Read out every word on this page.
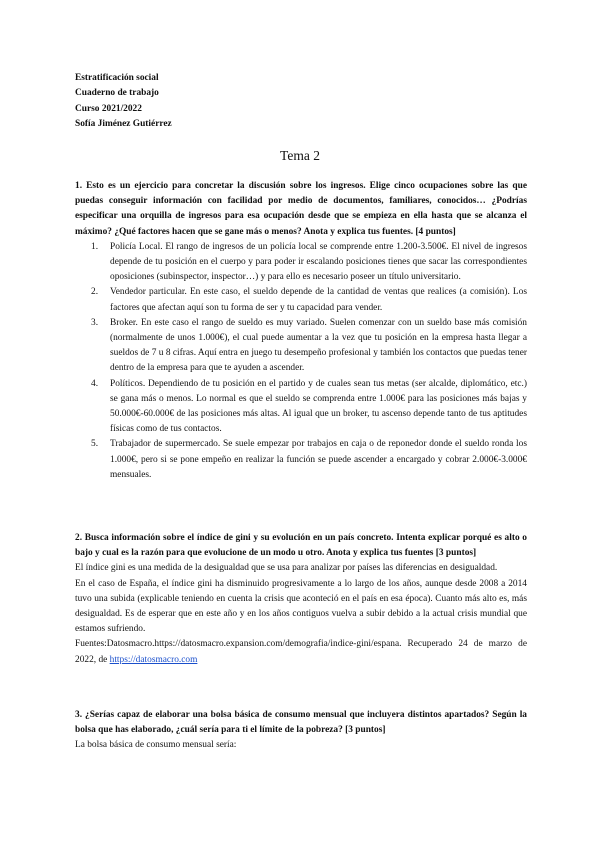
Estratificación social
Cuaderno de trabajo
Curso 2021/2022
Sofía Jiménez Gutiérrez
Tema 2

1. Esto es un ejercicio para concretar la discusión sobre los ingresos. Elige cinco ocupaciones sobre las que puedas conseguir información con facilidad por medio de documentos, familiares, conocidos… ¿Podrías especificar una orquilla de ingresos para esa ocupación desde que se empieza en ella hasta que se alcanza el máximo? ¿Qué factores hacen que se gane más o menos? Anota y explica tus fuentes. [4 puntos]

1. Policía Local. El rango de ingresos de un policía local se comprende entre 1.200-3.500€. El nivel de ingresos depende de tu posición en el cuerpo y para poder ir escalando posiciones tienes que sacar las correspondientes oposiciones (subinspector, inspector…) y para ello es necesario poseer un título universitario.
2. Vendedor particular. En este caso, el sueldo depende de la cantidad de ventas que realices (a comisión). Los factores que afectan aquí son tu forma de ser y tu capacidad para vender.
3. Broker. En este caso el rango de sueldo es muy variado. Suelen comenzar con un sueldo base más comisión (normalmente de unos 1.000€), el cual puede aumentar a la vez que tu posición en la empresa hasta llegar a sueldos de 7 u 8 cifras. Aquí entra en juego tu desempeño profesional y también los contactos que puedas tener dentro de la empresa para que te ayuden a ascender.
4. Políticos. Dependiendo de tu posición en el partido y de cuales sean tus metas (ser alcalde, diplomático, etc.) se gana más o menos. Lo normal es que el sueldo se comprenda entre 1.000€ para las posiciones más bajas y 50.000€-60.000€ de las posiciones más altas. Al igual que un broker, tu ascenso depende tanto de tus aptitudes físicas como de tus contactos.
5. Trabajador de supermercado. Se suele empezar por trabajos en caja o de reponedor donde el sueldo ronda los 1.000€, pero si se pone empeño en realizar la función se puede ascender a encargado y cobrar 2.000€-3.000€ mensuales.

2. Busca información sobre el índice de gini y su evolución en un país concreto. Intenta explicar porqué es alto o bajo y cual es la razón para que evolucione de un modo u otro. Anota y explica tus fuentes [3 puntos]

El índice gini es una medida de la desigualdad que se usa para analizar por países las diferencias en desigualdad.

En el caso de España, el índice gini ha disminuido progresivamente a lo largo de los años, aunque desde 2008 a 2014 tuvo una subida (explicable teniendo en cuenta la crisis que aconteció en el país en esa época). Cuanto más alto es, más desigualdad. Es de esperar que en este año y en los años contiguos vuelva a subir debido a la actual crisis mundial que estamos sufriendo.

Fuentes:Datosmacro.https://datosmacro.expansion.com/demografia/indice-gini/espana. Recuperado 24 de marzo de 2022, de https://datosmacro.com

3. ¿Serías capaz de elaborar una bolsa básica de consumo mensual que incluyera distintos apartados? Según la bolsa que has elaborado, ¿cuál sería para ti el límite de la pobreza? [3 puntos]

La bolsa básica de consumo mensual sería:
